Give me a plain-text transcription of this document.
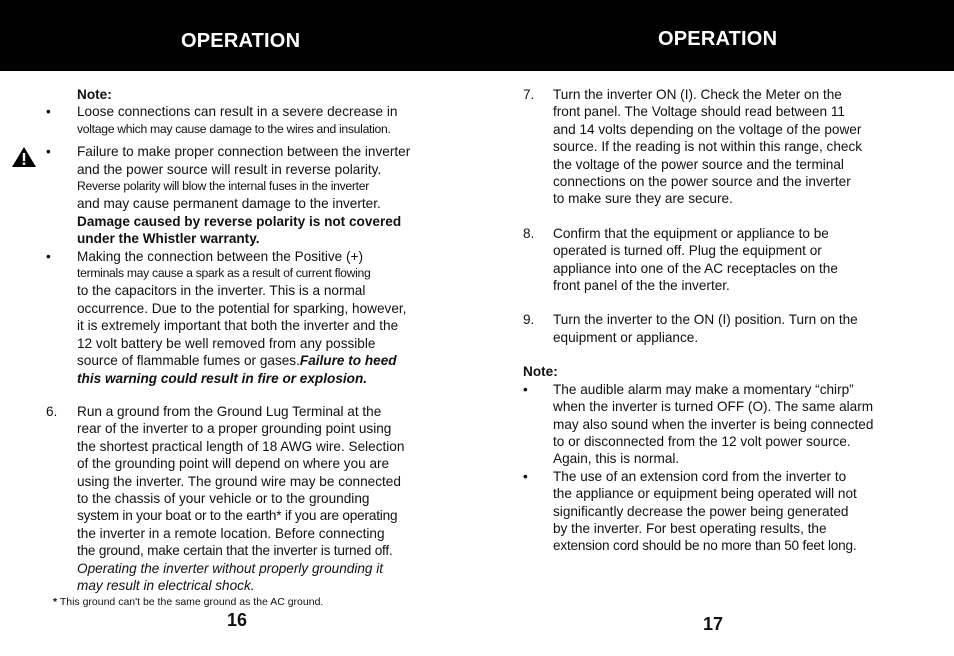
OPERATION	OPERATION
Note:
• Loose connections can result in a severe decrease in
voltage which may cause damage to the wires and insulation.
• Failure to make proper connection between the inverter
and the power source will result in reverse polarity.
Reverse polarity will blow the internal fuses in the inverter
and may cause permanent damage to the inverter.
Damage caused by reverse polarity is not covered
under the Whistler warranty.
• Making the connection between the Positive (+)
terminals may cause a spark as a result of current flowing
to the capacitors in the inverter. This is a normal
occurrence. Due to the potential for sparking, however,
it is extremely important that both the inverter and the
12 volt battery be well removed from any possible
source of flammable fumes or gases.Failure to heed
this warning could result in fire or explosion.
6. Run a ground from the Ground Lug Terminal at the
rear of the inverter to a proper grounding point using
the shortest practical length of 18 AWG wire. Selection
of the grounding point will depend on where you are
using the inverter. The ground wire may be connected
to the chassis of your vehicle or to the grounding
system in your boat or to the earth* if you are operating
the inverter in a remote location. Before connecting
the ground, make certain that the inverter is turned off.
Operating the inverter without properly grounding it
may result in electrical shock.
* This ground can't be the same ground as the AC ground.
16
7. Turn the inverter ON (I). Check the Meter on the
front panel. The Voltage should read between 11
and 14 volts depending on the voltage of the power
source. If the reading is not within this range, check
the voltage of the power source and the terminal
connections on the power source and the inverter
to make sure they are secure.
8. Confirm that the equipment or appliance to be
operated is turned off. Plug the equipment or
appliance into one of the AC receptacles on the
front panel of the the inverter.
9. Turn the inverter to the ON (I) position. Turn on the
equipment or appliance.
Note:
• The audible alarm may make a momentary “chirp”
when the inverter is turned OFF (O). The same alarm
may also sound when the inverter is being connected
to or disconnected from the 12 volt power source.
Again, this is normal.
• The use of an extension cord from the inverter to
the appliance or equipment being operated will not
significantly decrease the power being generated
by the inverter. For best operating results, the
extension cord should be no more than 50 feet long.
17
